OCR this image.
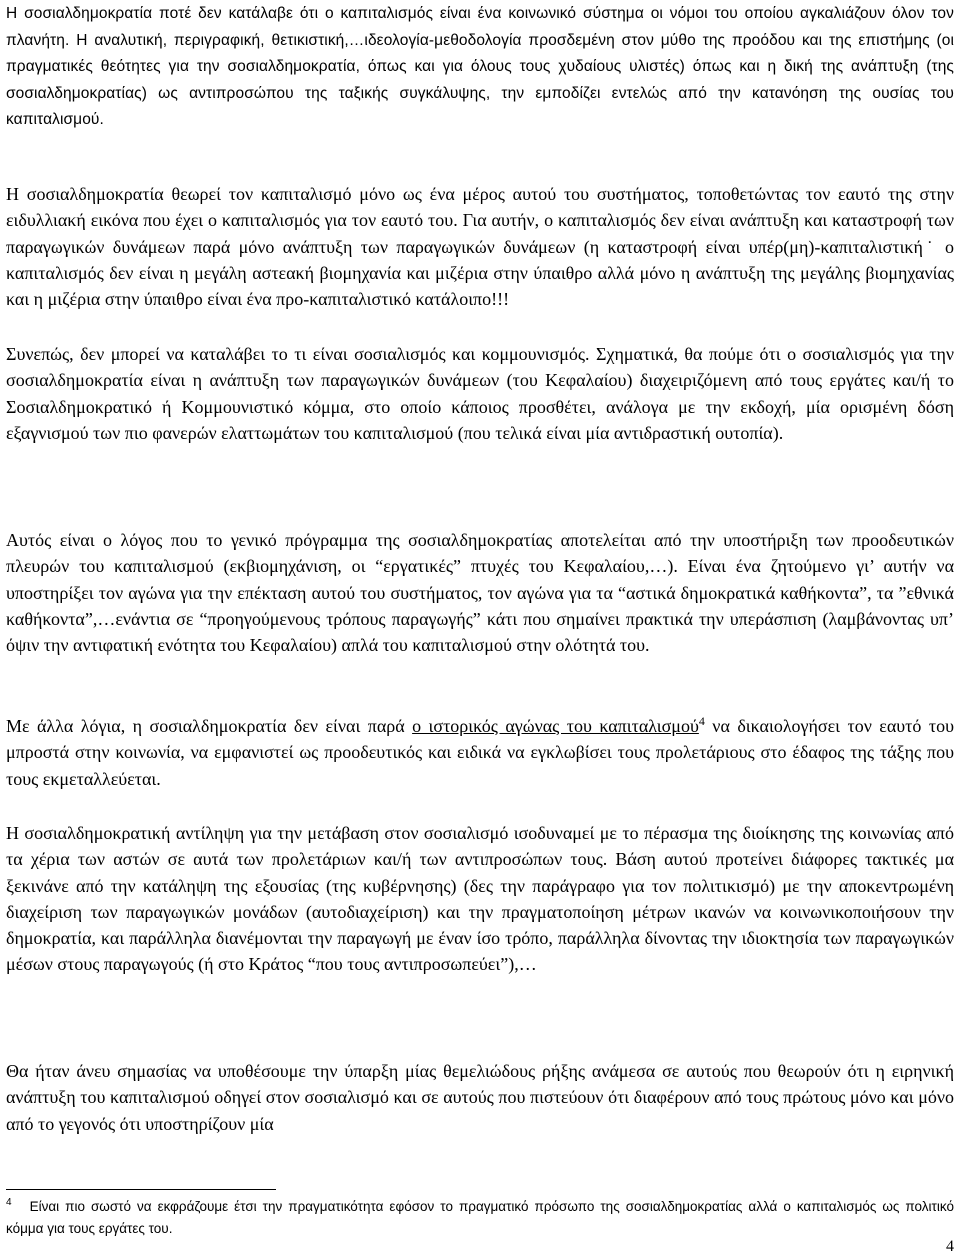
Η σοσιαλδημοκρατία ποτέ δεν κατάλαβε ότι ο καπιταλισμός είναι ένα κοινωνικό σύστημα οι νόμοι του οποίου αγκαλιάζουν όλον τον πλανήτη. Η αναλυτική, περιγραφική, θετικιστική,…ιδεολογία-μεθοδολογία προσδεμένη στον μύθο της προόδου και της επιστήμης (οι πραγματικές θεότητες για την σοσιαλδημοκρατία, όπως και για όλους τους χυδαίους υλιστές) όπως και η δική της ανάπτυξη (της σοσιαλδημοκρατίας) ως αντιπροσώπου της ταξικής συγκάλυψης, την εμποδίζει εντελώς από την κατανόηση της ουσίας του καπιταλισμού.

Η σοσιαλδημοκρατία θεωρεί τον καπιταλισμό μόνο ως ένα μέρος αυτού του συστήματος, τοποθετώντας τον εαυτό της στην ειδυλλιακή εικόνα που έχει ο καπιταλισμός για τον εαυτό του. Για αυτήν, ο καπιταλισμός δεν είναι ανάπτυξη και καταστροφή των παραγωγικών δυνάμεων παρά μόνο ανάπτυξη των παραγωγικών δυνάμεων (η καταστροφή είναι υπέρ(μη)-καπιταλιστική˙ ο καπιταλισμός δεν είναι η μεγάλη αστεακή βιομηχανία και μιζέρια στην ύπαιθρο αλλά μόνο η ανάπτυξη της μεγάλης βιομηχανίας και η μιζέρια στην ύπαιθρο είναι ένα προ-καπιταλιστικό κατάλοιπο!!!

Συνεπώς, δεν μπορεί να καταλάβει το τι είναι σοσιαλισμός και κομμουνισμός. Σχηματικά, θα πούμε ότι ο σοσιαλισμός για την σοσιαλδημοκρατία είναι η ανάπτυξη των παραγωγικών δυνάμεων (του Κεφαλαίου) διαχειριζόμενη από τους εργάτες και/ή το Σοσιαλδημοκρατικό ή Κομμουνιστικό κόμμα, στο οποίο κάποιος προσθέτει, ανάλογα με την εκδοχή, μία ορισμένη δόση εξαγνισμού των πιο φανερών ελαττωμάτων του καπιταλισμού (που τελικά είναι μία αντιδραστική ουτοπία).

Αυτός είναι ο λόγος που το γενικό πρόγραμμα της σοσιαλδημοκρατίας αποτελείται από την υποστήριξη των προοδευτικών πλευρών του καπιταλισμού (εκβιομηχάνιση, οι “εργατικές” πτυχές του Κεφαλαίου,…). Είναι ένα ζητούμενο γι’ αυτήν να υποστηρίξει τον αγώνα για την επέκταση αυτού του συστήματος, τον αγώνα για τα “αστικά δημοκρατικά καθήκοντα”, τα ”εθνικά καθήκοντα”,…ενάντια σε “προηγούμενους τρόπους παραγωγής” κάτι που σημαίνει πρακτικά την υπεράσπιση (λαμβάνοντας υπ’ όψιν την αντιφατική ενότητα του Κεφαλαίου) απλά του καπιταλισμού στην ολότητά του.

Με άλλα λόγια, η σοσιαλδημοκρατία δεν είναι παρά ο ιστορικός αγώνας του καπιταλισμού$^4$ να δικαιολογήσει τον εαυτό του μπροστά στην κοινωνία, να εμφανιστεί ως προοδευτικός και ειδικά να εγκλωβίσει τους προλετάριους στο έδαφος της τάξης που τους εκμεταλλεύεται.

Η σοσιαλδημοκρατική αντίληψη για την μετάβαση στον σοσιαλισμό ισοδυναμεί με το πέρασμα της διοίκησης της κοινωνίας από τα χέρια των αστών σε αυτά των προλετάριων και/ή των αντιπροσώπων τους. Βάση αυτού προτείνει διάφορες τακτικές μα ξεκινάνε από την κατάληψη της εξουσίας (της κυβέρνησης) (δες την παράγραφο για τον πολιτικισμό) με την αποκεντρωμένη διαχείριση των παραγωγικών μονάδων (αυτοδιαχείριση) και την πραγματοποίηση μέτρων ικανών να κοινωνικοποιήσουν την δημοκρατία, και παράλληλα διανέμονται την παραγωγή με έναν ίσο τρόπο, παράλληλα δίνοντας την ιδιοκτησία των παραγωγικών μέσων στους παραγωγούς (ή στο Κράτος “που τους αντιπροσωπεύει”),…

Θα ήταν άνευ σημασίας να υποθέσουμε την ύπαρξη μίας θεμελιώδους ρήξης ανάμεσα σε αυτούς που θεωρούν ότι η ειρηνική ανάπτυξη του καπιταλισμού οδηγεί στον σοσιαλισμό και σε αυτούς που πιστεύουν ότι διαφέρουν από τους πρώτους μόνο και μόνο από το γεγονός ότι υποστηρίζουν μία

$^4$ Είναι πιο σωστό να εκφράζουμε έτσι την πραγματικότητα εφόσον το πραγματικό πρόσωπο της σοσιαλδημοκρατίας αλλά ο καπιταλισμός ως πολιτικό κόμμα για τους εργάτες του.

4
